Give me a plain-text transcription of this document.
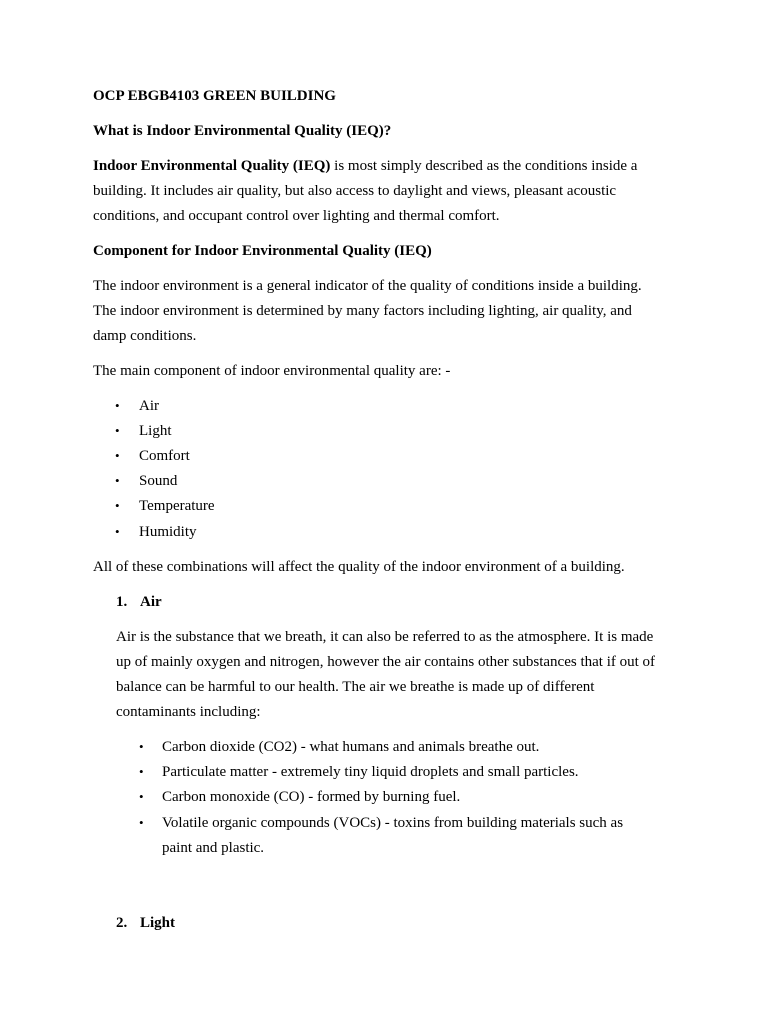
OCP EBGB4103 GREEN BUILDING
What is Indoor Environmental Quality (IEQ)?
Indoor Environmental Quality (IEQ) is most simply described as the conditions inside a
building. It includes air quality, but also access to daylight and views, pleasant acoustic
conditions, and occupant control over lighting and thermal comfort.
Component for Indoor Environmental Quality (IEQ)
The indoor environment is a general indicator of the quality of conditions inside a building.
The indoor environment is determined by many factors including lighting, air quality, and
damp conditions.
The main component of indoor environmental quality are: -
• Air
• Light
• Comfort
• Sound
• Temperature
• Humidity
All of these combinations will affect the quality of the indoor environment of a building.
1. Air
Air is the substance that we breath, it can also be referred to as the atmosphere. It is made
up of mainly oxygen and nitrogen, however the air contains other substances that if out of
balance can be harmful to our health. The air we breathe is made up of different
contaminants including:
• Carbon dioxide (CO2) - what humans and animals breathe out.
• Particulate matter - extremely tiny liquid droplets and small particles.
• Carbon monoxide (CO) - formed by burning fuel.
• Volatile organic compounds (VOCs) - toxins from building materials such as
paint and plastic.
2. Light
